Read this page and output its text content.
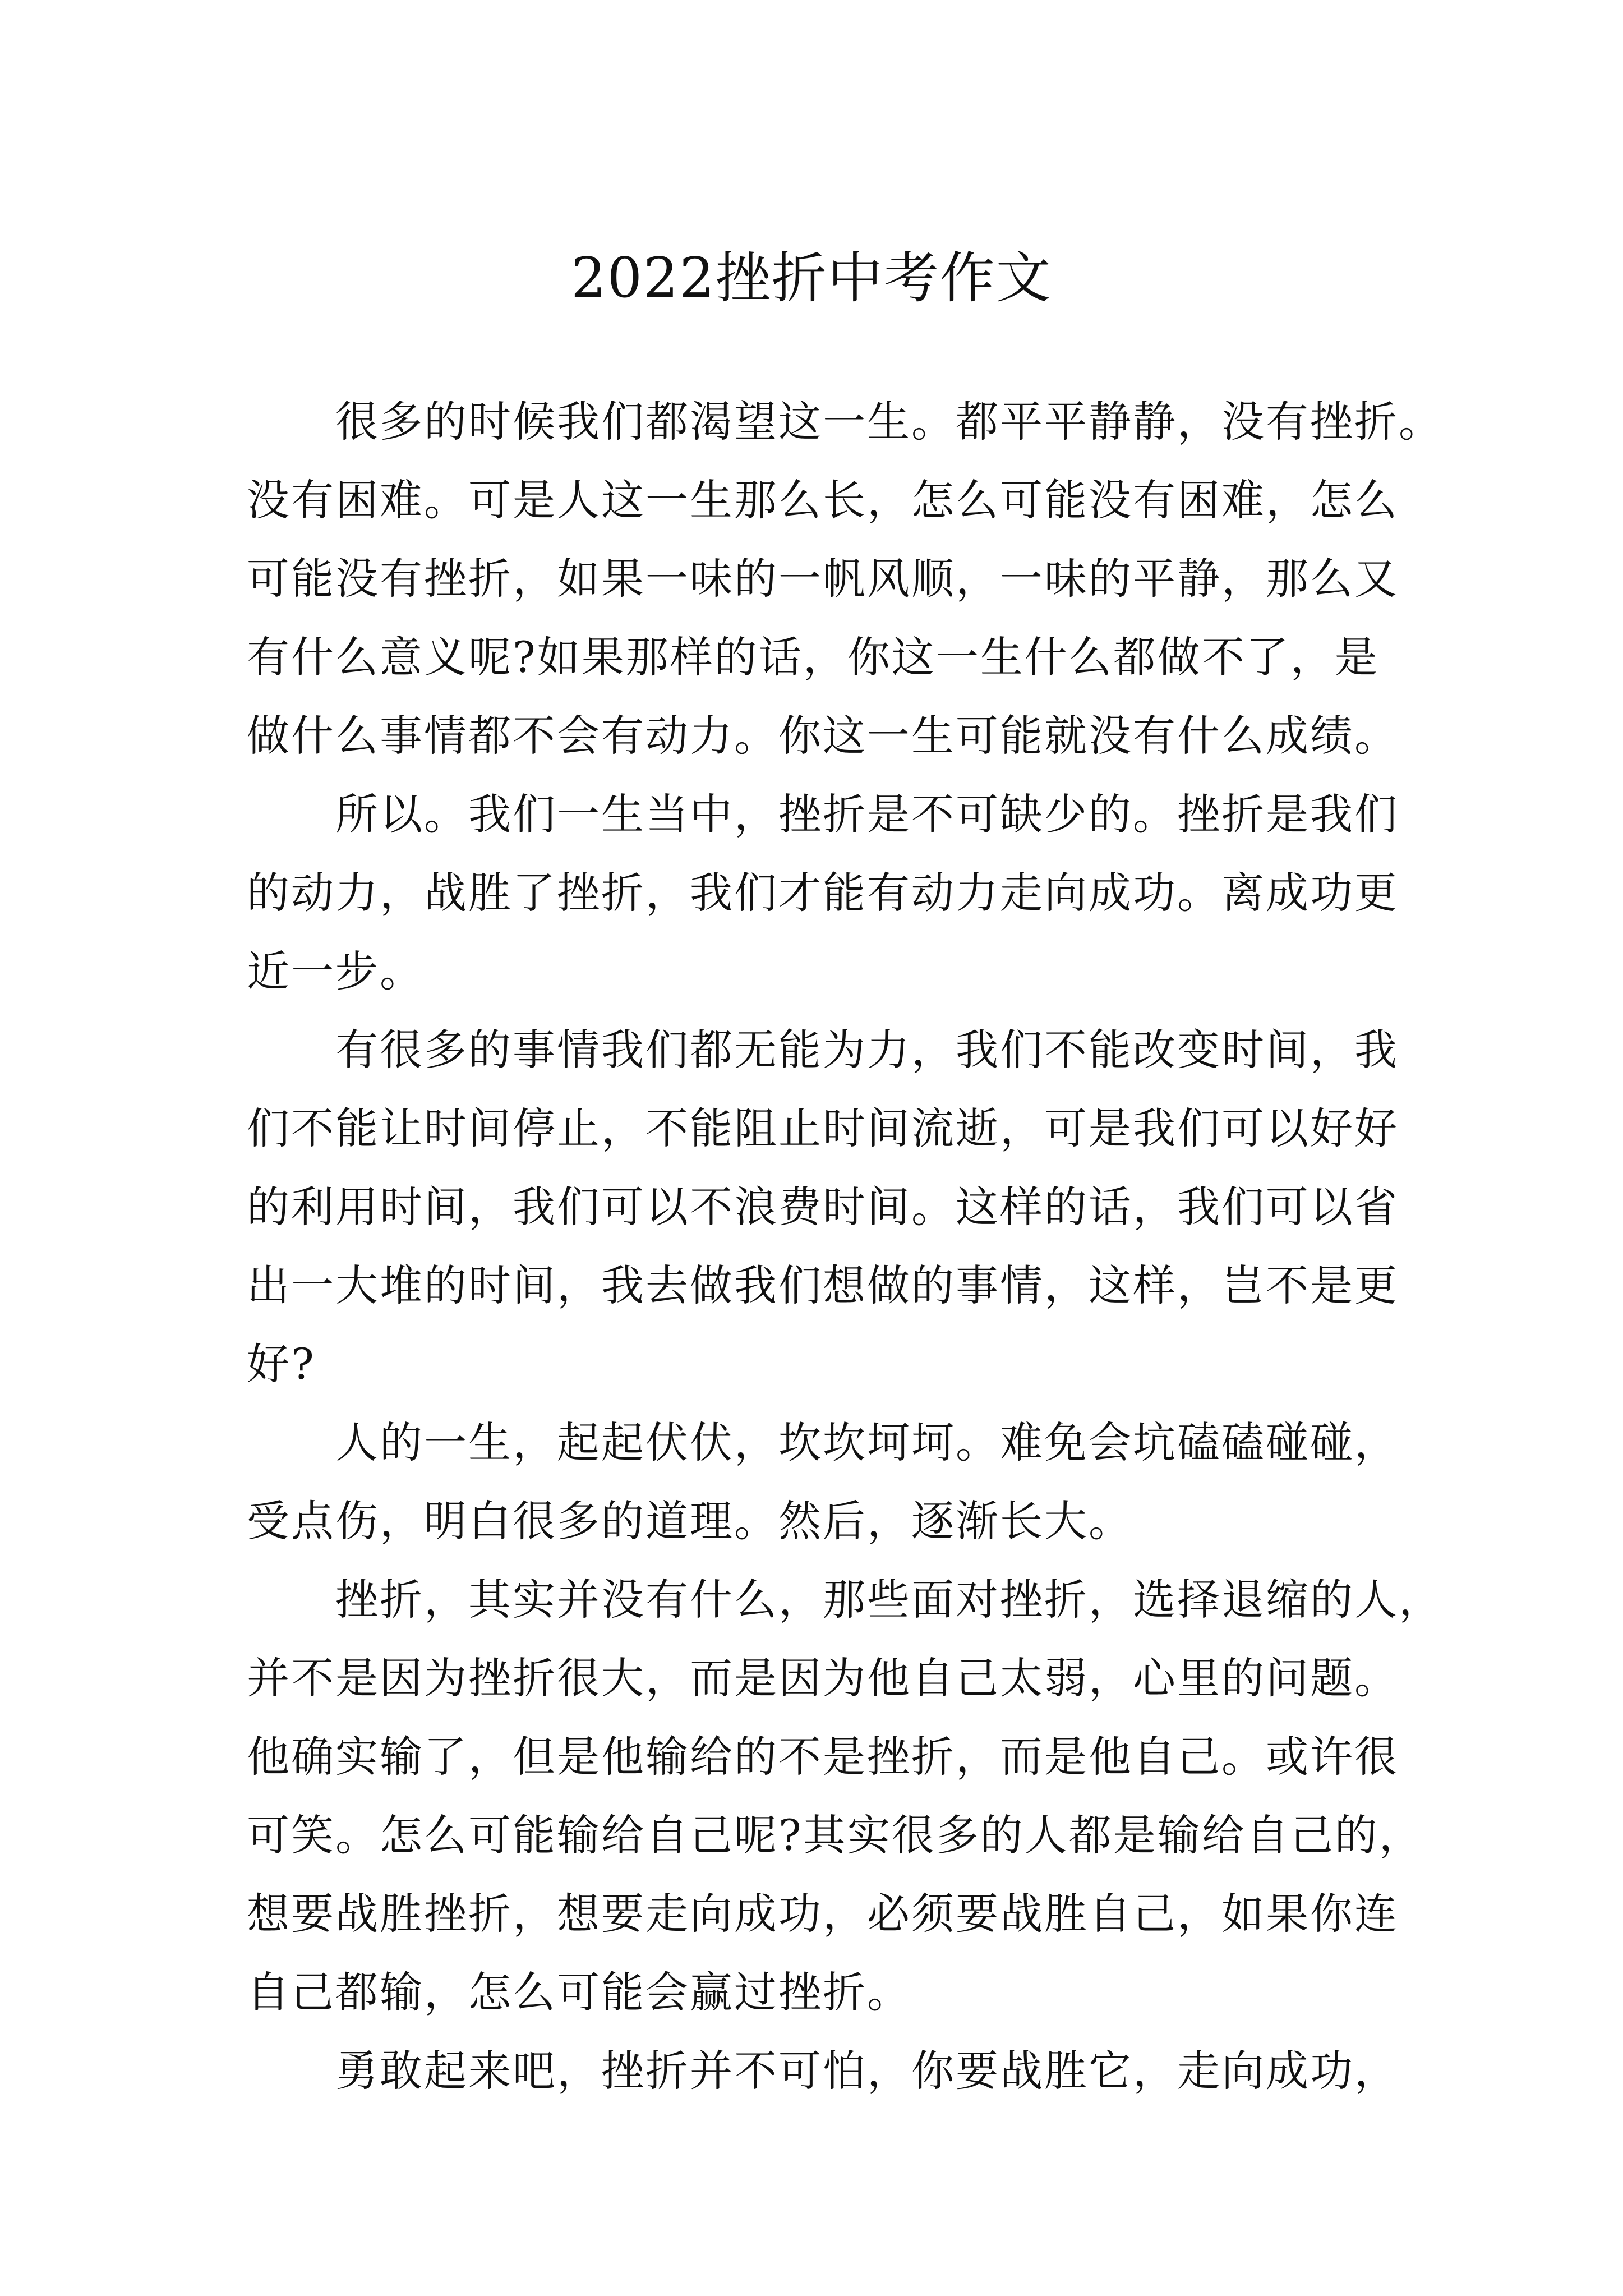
2022挫折中考作文
很多的时候我们都渴望这一生。都平平静静，没有挫折。
没有困难。可是人这一生那么长，怎么可能没有困难，怎么
可能没有挫折，如果一味的一帆风顺，一味的平静，那么又
有什么意义呢?如果那样的话，你这一生什么都做不了，是
做什么事情都不会有动力。你这一生可能就没有什么成绩。
所以。我们一生当中，挫折是不可缺少的。挫折是我们
的动力，战胜了挫折，我们才能有动力走向成功。离成功更
近一步。
有很多的事情我们都无能为力，我们不能改变时间，我
们不能让时间停止，不能阻止时间流逝，可是我们可以好好
的利用时间，我们可以不浪费时间。这样的话，我们可以省
出一大堆的时间，我去做我们想做的事情，这样，岂不是更
好?
人的一生，起起伏伏，坎坎坷坷。难免会坑磕磕碰碰，
受点伤，明白很多的道理。然后，逐渐长大。
挫折，其实并没有什么，那些面对挫折，选择退缩的人，
并不是因为挫折很大，而是因为他自己太弱，心里的问题。
他确实输了，但是他输给的不是挫折，而是他自己。或许很
可笑。怎么可能输给自己呢?其实很多的人都是输给自己的，
想要战胜挫折，想要走向成功，必须要战胜自己，如果你连
自己都输，怎么可能会赢过挫折。
勇敢起来吧，挫折并不可怕，你要战胜它，走向成功，
